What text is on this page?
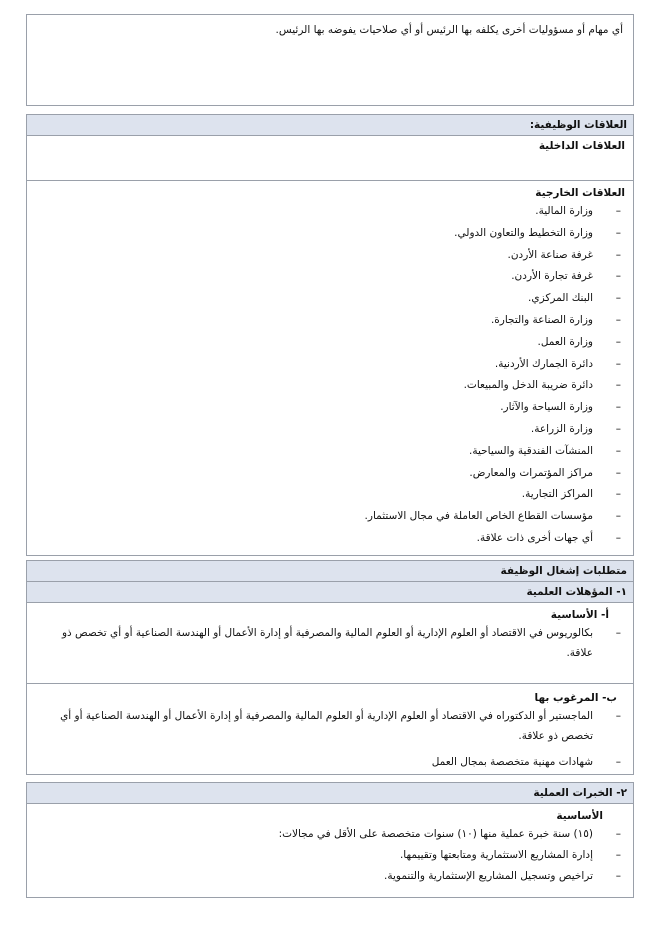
أي مهام أو مسؤوليات أخرى يكلفه بها الرئيس أو أي صلاحيات يفوضه بها الرئيس.
العلاقات الوظيفية:
العلاقات الداخلية
العلاقات الخارجية
– وزارة المالية.
– وزارة التخطيط والتعاون الدولي.
– غرفة صناعة الأردن.
– غرفة تجارة الأردن.
– البنك المركزي.
– وزارة الصناعة والتجارة.
– وزارة العمل.
– دائرة الجمارك الأردنية.
– دائرة ضريبة الدخل والمبيعات.
– وزارة السياحة والآثار.
– وزارة الزراعة.
– المنشآت الفندقية والسياحية.
– مراكز المؤتمرات والمعارض.
– المراكز التجارية.
– مؤسسات القطاع الخاص العاملة في مجال الاستثمار.
– أي جهات أخرى ذات علاقة.
متطلبات إشغال الوظيفة
١- المؤهلات العلمية
أ- الأساسية
– بكالوريوس في الاقتصاد أو العلوم الإدارية أو العلوم المالية والمصرفية أو إدارة الأعمال أو الهندسة الصناعية أو أي تخصص ذو علاقة.
ب- المرغوب بها
– الماجستير أو الدكتوراه في الاقتصاد أو العلوم الإدارية أو العلوم المالية والمصرفية أو إدارة الأعمال أو الهندسة الصناعية أو أي تخصص ذو علاقة.
– شهادات مهنية متخصصة بمجال العمل
٢- الخبرات العملية
الأساسية
– (١٥) سنة خبرة عملية منها (١٠) سنوات متخصصة على الأقل في مجالات:
– إدارة المشاريع الاستثمارية ومتابعتها وتقييمها.
– تراخيص وتسجيل المشاريع الإستثمارية والتنموية.
